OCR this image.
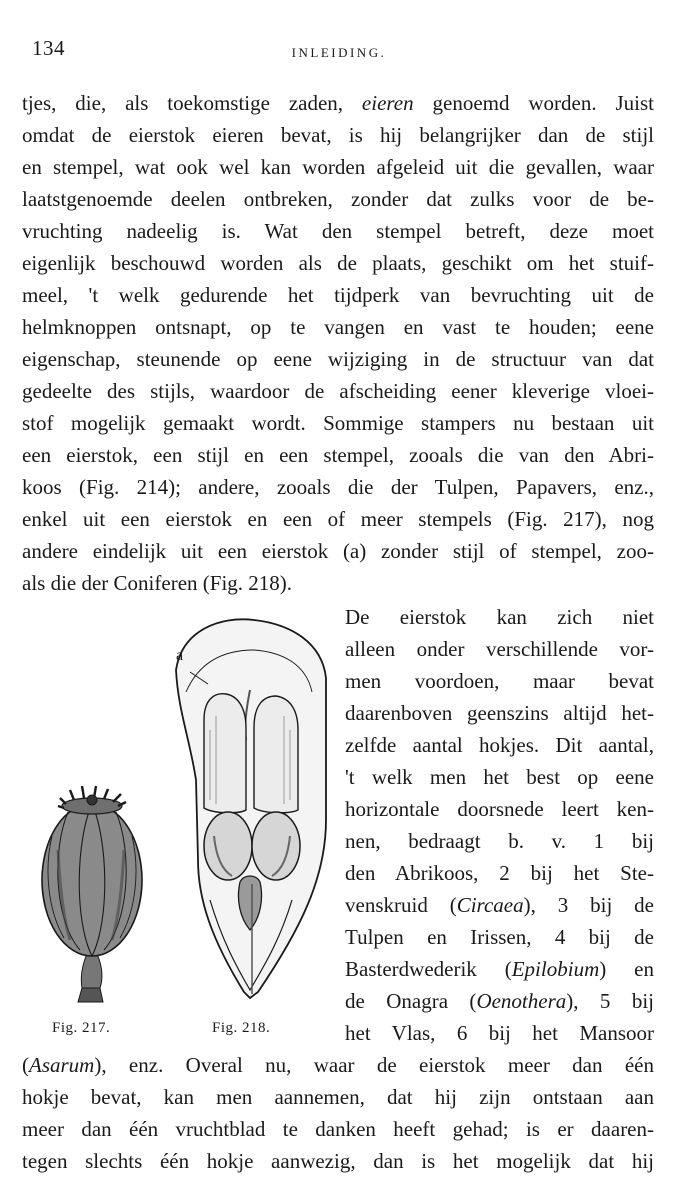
134	INLEIDING.
tjes, die, als toekomstige zaden, eieren genoemd worden. Juist
omdat de eierstok eieren bevat, is hij belangrijker dan de stijl
en stempel, wat ook wel kan worden afgeleid uit die gevallen, waar
laatstgenoemde deelen ontbreken, zonder dat zulks voor de be-
vruchting nadeelig is. Wat den stempel betreft, deze moet
eigenlijk beschouwd worden als de plaats, geschikt om het stuif-
meel, 't welk gedurende het tijdperk van bevruchting uit de
helmknoppen ontsnapt, op te vangen en vast te houden; eene
eigenschap, steunende op eene wijziging in de structuur van dat
gedeelte des stijls, waardoor de afscheiding eener kleverige vloei-
stof mogelijk gemaakt wordt. Sommige stampers nu bestaan uit
een eierstok, een stijl en een stempel, zooals die van den Abri-
koos (Fig. 214); andere, zooals die der Tulpen, Papavers, enz.,
enkel uit een eierstok en een of meer stempels (Fig. 217), nog
andere eindelijk uit een eierstok (a) zonder stijl of stempel, zoo-
als die der Coniferen (Fig. 218).
De eierstok kan zich niet
alleen onder verschillende vor-
men voordoen, maar bevat
daarenboven geenszins altijd het-
zelfde aantal hokjes. Dit aantal,
't welk men het best op eene
horizontale doorsnede leert ken-
nen, bedraagt b. v. 1 bij
den Abrikoos, 2 bij het Ste-
venskruid (Circaea), 3 bij de
Tulpen en Irissen, 4 bij de
Basterdwederik (Epilobium) en
de Onagra (Oenothera), 5 bij
het Vlas, 6 bij het Mansoor
(Asarum), enz. Overal nu, waar de eierstok meer dan één
hokje bevat, kan men aannemen, dat hij zijn ontstaan aan
meer dan één vruchtblad te danken heeft gehad; is er daaren-
tegen slechts één hokje aanwezig, dan is het mogelijk dat hij
Fig. 217.	Fig. 218.
a
